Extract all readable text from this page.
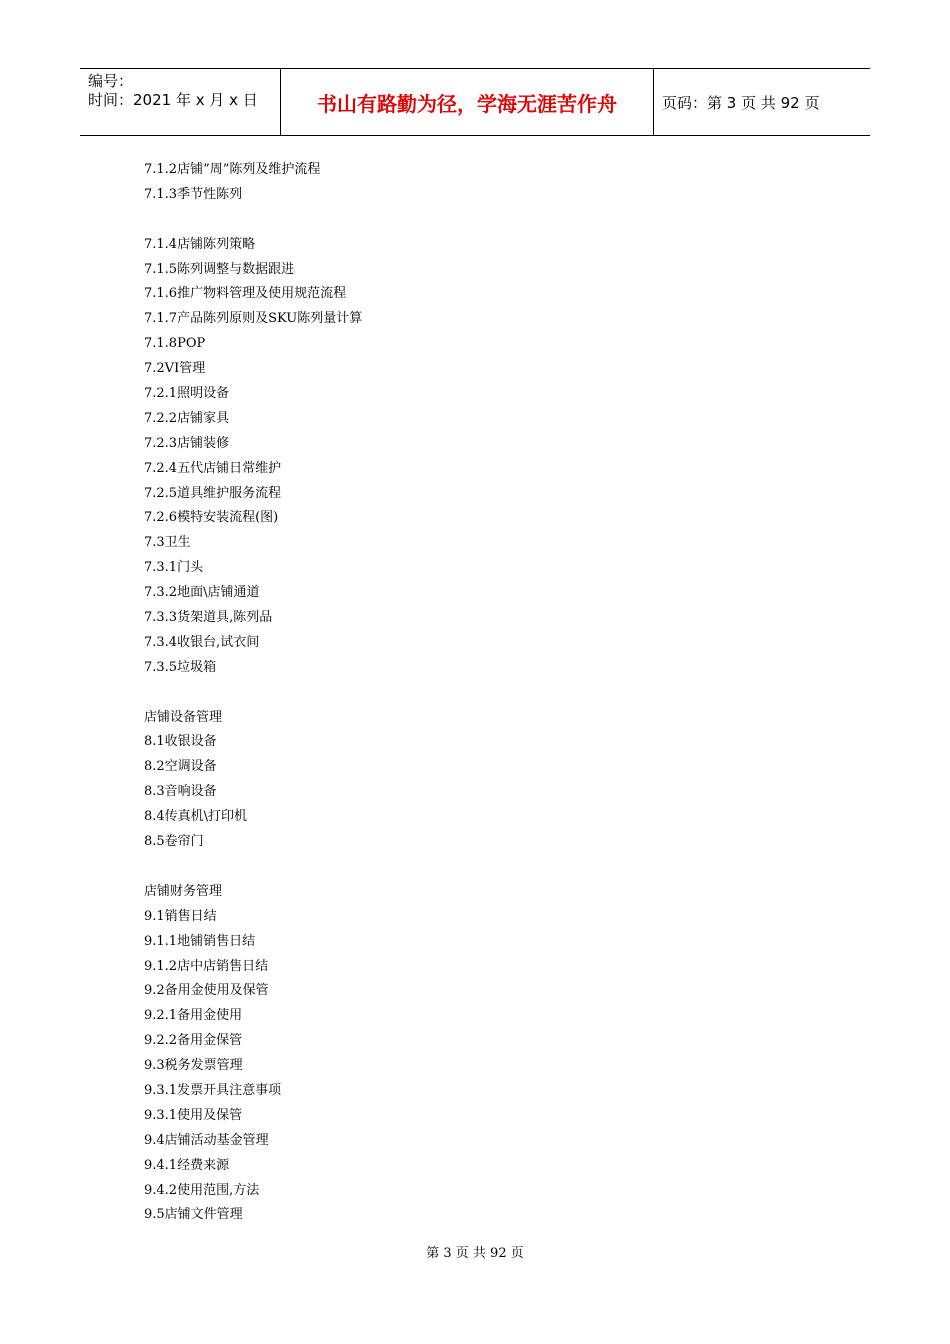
编号：
时间：2021 年 x 月 x 日	书山有路勤为径，学海无涯苦作舟	页码：第 3 页 共 92 页
7.1.2店铺”周”陈列及维护流程
7.1.3季节性陈列
7.1.4店铺陈列策略
7.1.5陈列调整与数据跟进
7.1.6推广物料管理及使用规范流程
7.1.7产品陈列原则及SKU陈列量计算
7.1.8POP
7.2VI管理
7.2.1照明设备
7.2.2店铺家具
7.2.3店铺装修
7.2.4五代店铺日常维护
7.2.5道具维护服务流程
7.2.6模特安装流程(图)
7.3卫生
7.3.1门头
7.3.2地面\店铺通道
7.3.3货架道具,陈列品
7.3.4收银台,试衣间
7.3.5垃圾箱
店铺设备管理
8.1收银设备
8.2空调设备
8.3音响设备
8.4传真机\打印机
8.5卷帘门
店铺财务管理
9.1销售日结
9.1.1地铺销售日结
9.1.2店中店销售日结
9.2备用金使用及保管
9.2.1备用金使用
9.2.2备用金保管
9.3税务发票管理
9.3.1发票开具注意事项
9.3.1使用及保管
9.4店铺活动基金管理
9.4.1经费来源
9.4.2使用范围,方法
9.5店铺文件管理
第 3 页 共 92 页
